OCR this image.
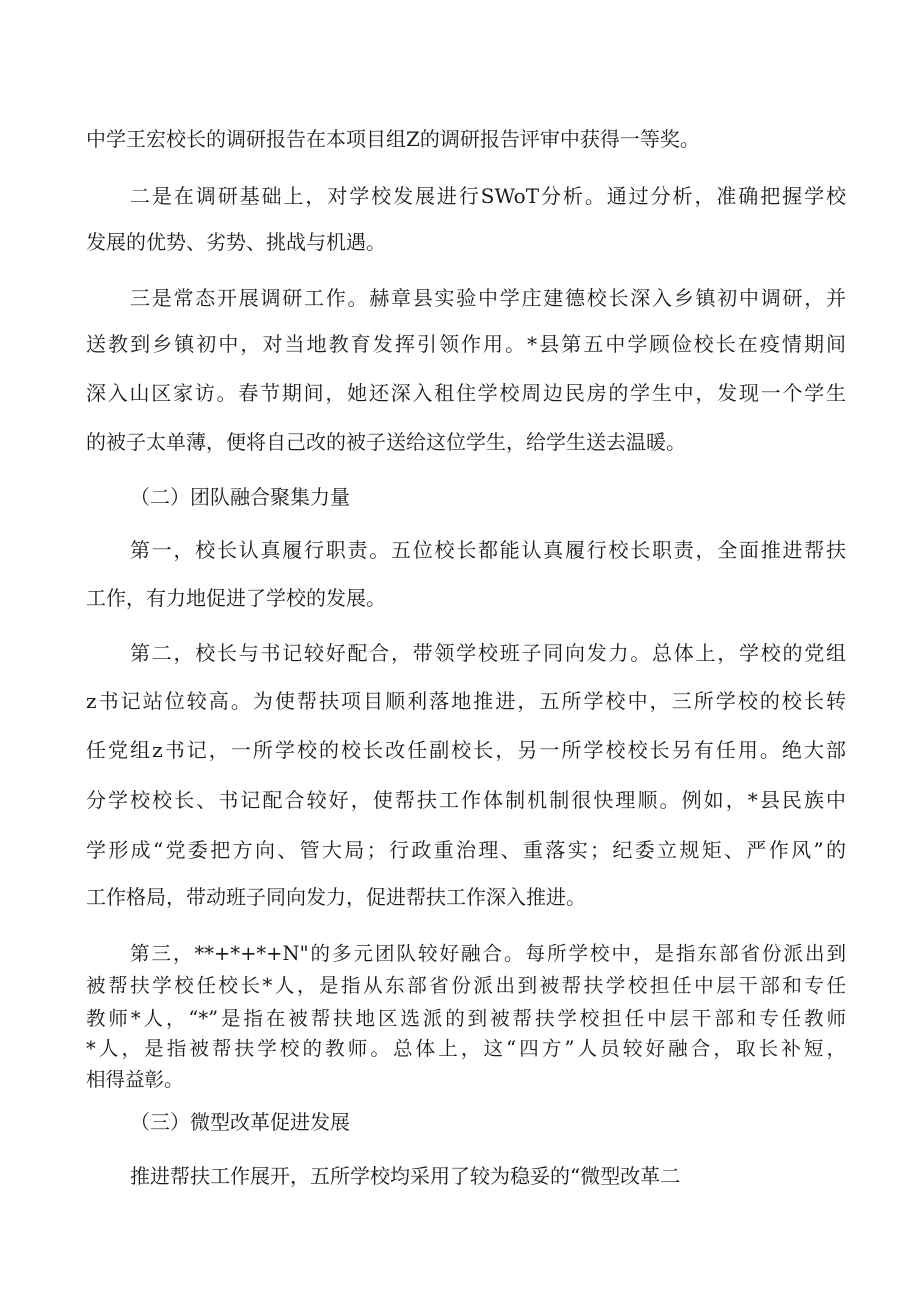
中学王宏校长的调研报告在本项目组Z的调研报告评审中获得一等奖。

二是在调研基础上，对学校发展进行SWoT分析。通过分析，准确把握学校

发展的优势、劣势、挑战与机遇。

三是常态开展调研工作。赫章县实验中学庄建德校长深入乡镇初中调研，并

送教到乡镇初中，对当地教育发挥引领作用。*县第五中学顾俭校长在疫情期间

深入山区家访。春节期间，她还深入租住学校周边民房的学生中，发现一个学生

的被子太单薄，便将自己改的被子送给这位学生，给学生送去温暖。

（二）团队融合聚集力量

第一，校长认真履行职责。五位校长都能认真履行校长职责，全面推进帮扶

工作，有力地促进了学校的发展。

第二，校长与书记较好配合，带领学校班子同向发力。总体上，学校的党组

z书记站位较高。为使帮扶项目顺利落地推进，五所学校中，三所学校的校长转

任党组z书记，一所学校的校长改任副校长，另一所学校校长另有任用。绝大部

分学校校长、书记配合较好，使帮扶工作体制机制很快理顺。例如，*县民族中

学形成“党委把方向、管大局；行政重治理、重落实；纪委立规矩、严作风”的

工作格局，带动班子同向发力，促进帮扶工作深入推进。

第三，**+*+*+N"的多元团队较好融合。每所学校中，是指东部省份派出到

被帮扶学校任校长*人，是指从东部省份派出到被帮扶学校担任中层干部和专任

教师*人，“*”是指在被帮扶地区选派的到被帮扶学校担任中层干部和专任教师

*人，是指被帮扶学校的教师。总体上，这“四方”人员较好融合，取长补短，

相得益彰。

（三）微型改革促进发展

推进帮扶工作展开，五所学校均采用了较为稳妥的“微型改革二
